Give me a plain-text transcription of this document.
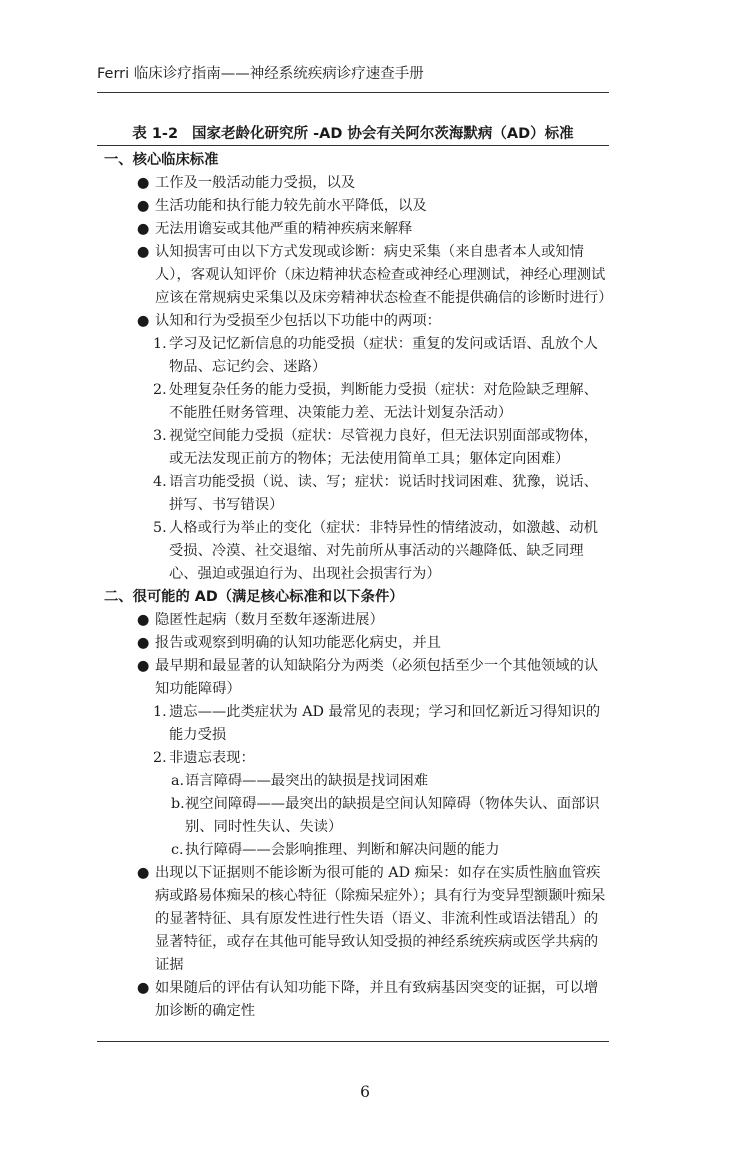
Ferri 临床诊疗指南——神经系统疾病诊疗速查手册
表 1-2 国家老龄化研究所 -AD 协会有关阿尔茨海默病（AD）标准
一、核心临床标准
● 工作及一般活动能力受损，以及
● 生活功能和执行能力较先前水平降低，以及
● 无法用谵妄或其他严重的精神疾病来解释
● 认知损害可由以下方式发现或诊断：病史采集（来自患者本人或知情人），客观认知评价（床边精神状态检查或神经心理测试，神经心理测试应该在常规病史采集以及床旁精神状态检查不能提供确信的诊断时进行）
● 认知和行为受损至少包括以下功能中的两项：
1. 学习及记忆新信息的功能受损（症状：重复的发问或话语、乱放个人物品、忘记约会、迷路）
2. 处理复杂任务的能力受损，判断能力受损（症状：对危险缺乏理解、不能胜任财务管理、决策能力差、无法计划复杂活动）
3. 视觉空间能力受损（症状：尽管视力良好，但无法识别面部或物体，或无法发现正前方的物体；无法使用简单工具；躯体定向困难）
4. 语言功能受损（说、读、写；症状：说话时找词困难、犹豫，说话、拼写、书写错误）
5. 人格或行为举止的变化（症状：非特异性的情绪波动，如激越、动机受损、冷漠、社交退缩、对先前所从事活动的兴趣降低、缺乏同理心、强迫或强迫行为、出现社会损害行为）
二、很可能的 AD（满足核心标准和以下条件）
● 隐匿性起病（数月至数年逐渐进展）
● 报告或观察到明确的认知功能恶化病史，并且
● 最早期和最显著的认知缺陷分为两类（必须包括至少一个其他领域的认知功能障碍）
1. 遗忘——此类症状为 AD 最常见的表现；学习和回忆新近习得知识的能力受损
2. 非遗忘表现：
a. 语言障碍——最突出的缺损是找词困难
b. 视空间障碍——最突出的缺损是空间认知障碍（物体失认、面部识别、同时性失认、失读）
c. 执行障碍——会影响推理、判断和解决问题的能力
● 出现以下证据则不能诊断为很可能的 AD 痴呆：如存在实质性脑血管疾病或路易体痴呆的核心特征（除痴呆症外）；具有行为变异型额颞叶痴呆的显著特征、具有原发性进行性失语（语义、非流利性或语法错乱）的显著特征，或存在其他可能导致认知受损的神经系统疾病或医学共病的证据
● 如果随后的评估有认知功能下降，并且有致病基因突变的证据，可以增加诊断的确定性
6
